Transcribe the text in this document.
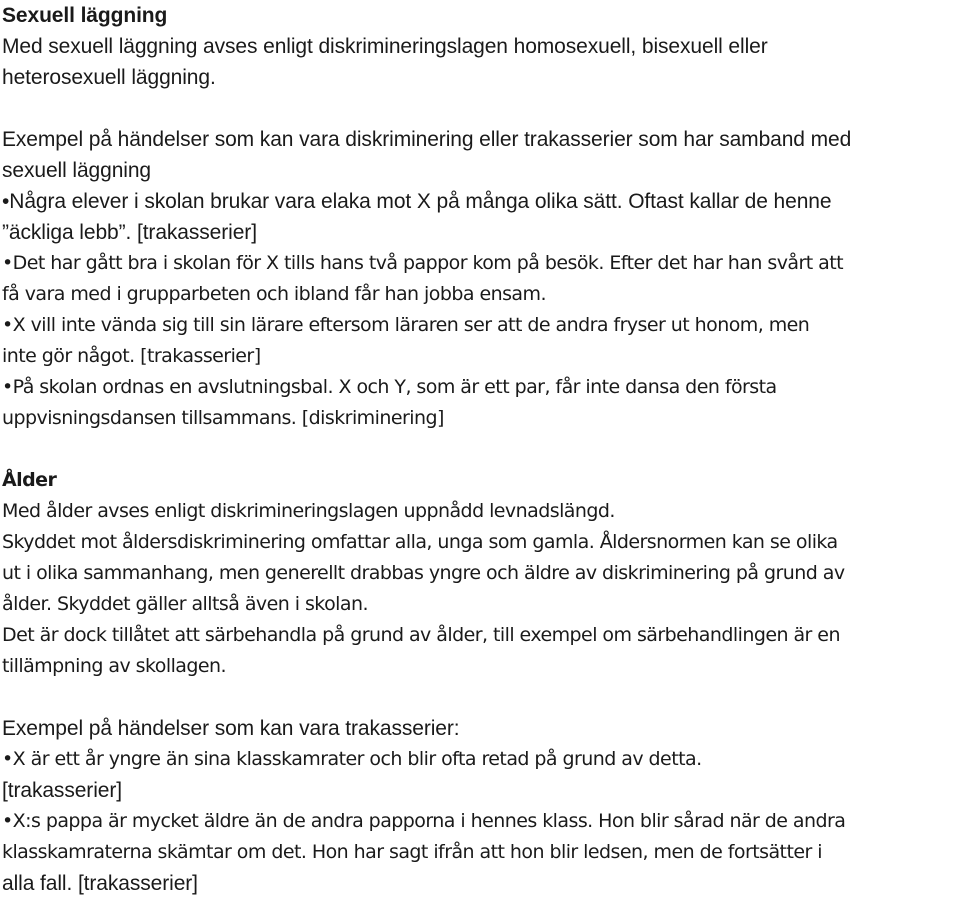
Sexuell läggning

Med sexuell läggning avses enligt diskrimineringslagen homosexuell, bisexuell eller

heterosexuell läggning.

Exempel på händelser som kan vara diskriminering eller trakasserier som har samband med

sexuell läggning

•Några elever i skolan brukar vara elaka mot X på många olika sätt. Oftast kallar de henne

”äckliga lebb”. [trakasserier]

•Det har gått bra i skolan för X tills hans två pappor kom på besök. Efter det har han svårt att

få vara med i grupparbeten och ibland får han jobba ensam.

•X vill inte vända sig till sin lärare eftersom läraren ser att de andra fryser ut honom, men

inte gör något. [trakasserier]

•På skolan ordnas en avslutningsbal. X och Y, som är ett par, får inte dansa den första

uppvisningsdansen tillsammans. [diskriminering]

Ålder

Med ålder avses enligt diskrimineringslagen uppnådd levnadslängd.

Skyddet mot åldersdiskriminering omfattar alla, unga som gamla. Åldersnormen kan se olika

ut i olika sammanhang, men generellt drabbas yngre och äldre av diskriminering på grund av

ålder. Skyddet gäller alltså även i skolan.

Det är dock tillåtet att särbehandla på grund av ålder, till exempel om särbehandlingen är en

tillämpning av skollagen.

Exempel på händelser som kan vara trakasserier:

•X är ett år yngre än sina klasskamrater och blir ofta retad på grund av detta.

[trakasserier]

•X:s pappa är mycket äldre än de andra papporna i hennes klass. Hon blir sårad när de andra

klasskamraterna skämtar om det. Hon har sagt ifrån att hon blir ledsen, men de fortsätter i

alla fall. [trakasserier]
